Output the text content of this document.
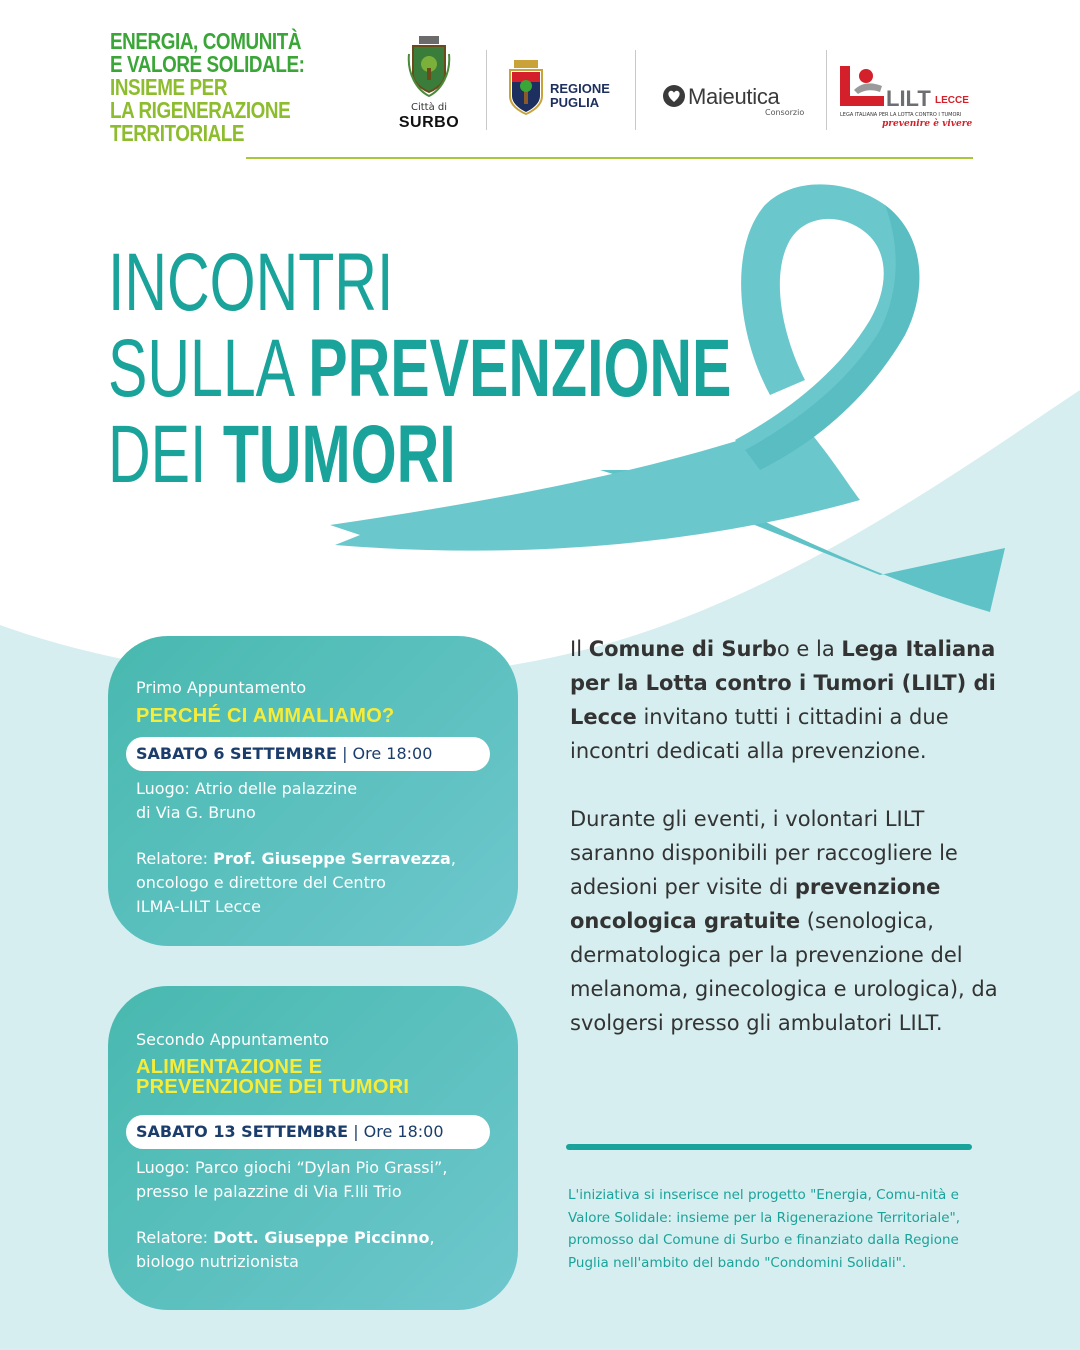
ENERGIA, COMUNITÀ
E VALORE SOLIDALE:
INSIEME PER
LA RIGENERAZIONE
TERRITORIALE
Città di
SURBO
REGIONE
PUGLIA	Maieutica
Consorzio
LILT LECCE
LEGA ITALIANA PER LA LOTTA CONTRO I TUMORI
prevenire è vivere
INCONTRI
SULLA PREVENZIONE
DEI TUMORI
Primo Appuntamento
PERCHÉ CI AMMALIAMO?
SABATO 6 SETTEMBRE | Ore 18:00
Luogo: Atrio delle palazzine
di Via G. Bruno
Relatore: Prof. Giuseppe Serravezza,
oncologo e direttore del Centro
ILMA-LILT Lecce
Secondo Appuntamento
ALIMENTAZIONE E
PREVENZIONE DEI TUMORI
SABATO 13 SETTEMBRE | Ore 18:00
Luogo: Parco giochi “Dylan Pio Grassi”,
presso le palazzine di Via F.lli Trio
Relatore: Dott. Giuseppe Piccinno,
biologo nutrizionista

Il Comune di Surbo e la Lega Italiana per la Lotta contro i Tumori (LILT) di Lecce invitano tutti i cittadini a due incontri dedicati alla prevenzione.

Durante gli eventi, i volontari LILT saranno disponibili per raccogliere le adesioni per visite di prevenzione oncologica gratuite (senologica, dermatologica per la prevenzione del melanoma, ginecologica e urologica), da svolgersi presso gli ambulatori LILT.

L'iniziativa si inserisce nel progetto "Energia, Comu-nità e Valore Solidale: insieme per la Rigenerazione Territoriale", promosso dal Comune di Surbo e finanziato dalla Regione Puglia nell'ambito del bando "Condomini Solidali".
